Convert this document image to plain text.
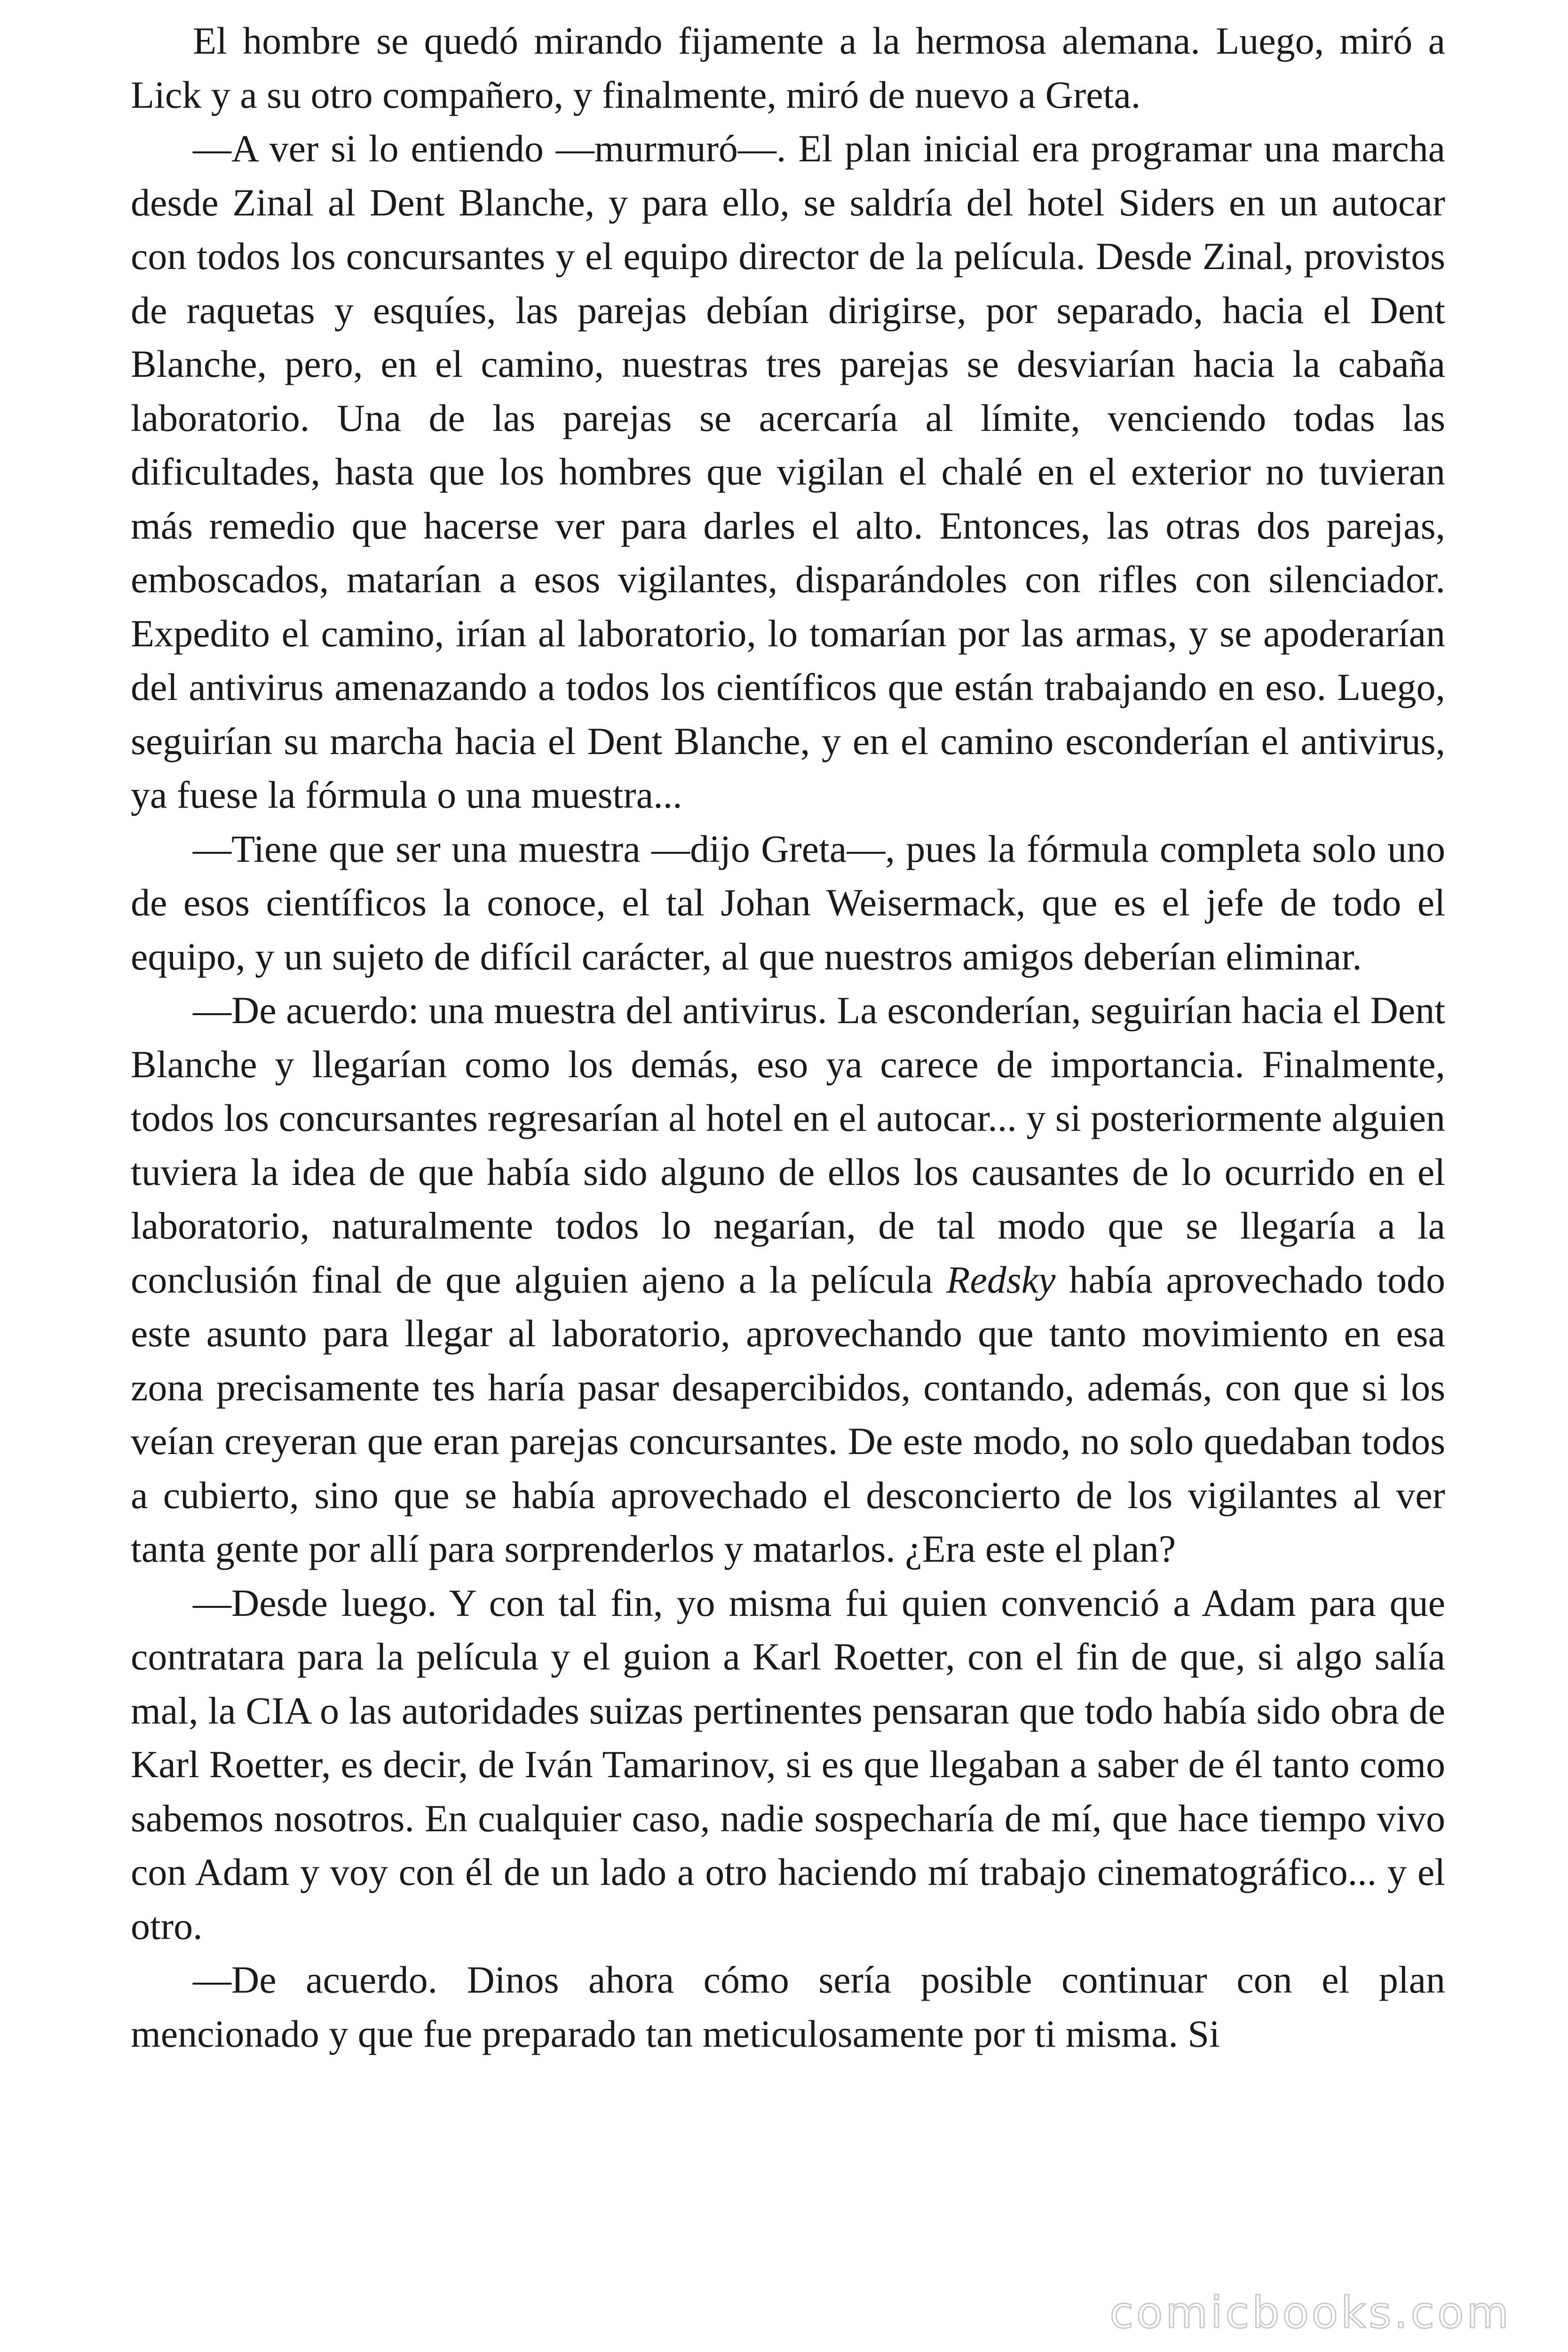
El hombre se quedó mirando fijamente a la hermosa alemana. Luego, miró a Lick y a su otro compañero, y finalmente, miró de nuevo a Greta.

—A ver si lo entiendo —murmuró—. El plan inicial era programar una marcha desde Zinal al Dent Blanche, y para ello, se saldría del hotel Siders en un autocar con todos los concursantes y el equipo director de la película. Desde Zinal, provistos de raquetas y esquíes, las parejas debían dirigirse, por separado, hacia el Dent Blanche, pero, en el camino, nuestras tres parejas se desviarían hacia la cabaña laboratorio. Una de las parejas se acercaría al límite, venciendo todas las dificultades, hasta que los hombres que vigilan el chalé en el exterior no tuvieran más remedio que hacerse ver para darles el alto. Entonces, las otras dos parejas, emboscados, matarían a esos vigilantes, disparándoles con rifles con silenciador. Expedito el camino, irían al laboratorio, lo tomarían por las armas, y se apoderarían del antivirus amenazando a todos los científicos que están trabajando en eso. Luego, seguirían su marcha hacia el Dent Blanche, y en el camino esconderían el antivirus, ya fuese la fórmula o una muestra...

—Tiene que ser una muestra —dijo Greta—, pues la fórmula completa solo uno de esos científicos la conoce, el tal Johan Weisermack, que es el jefe de todo el equipo, y un sujeto de difícil carácter, al que nuestros amigos deberían eliminar.

—De acuerdo: una muestra del antivirus. La esconderían, seguirían hacia el Dent Blanche y llegarían como los demás, eso ya carece de importancia. Finalmente, todos los concursantes regresarían al hotel en el autocar... y si posteriormente alguien tuviera la idea de que había sido alguno de ellos los causantes de lo ocurrido en el laboratorio, naturalmente todos lo negarían, de tal modo que se llegaría a la conclusión final de que alguien ajeno a la película Redsky había aprovechado todo este asunto para llegar al laboratorio, aprovechando que tanto movimiento en esa zona precisamente tes haría pasar desapercibidos, contando, además, con que si los veían creyeran que eran parejas concursantes. De este modo, no solo quedaban todos a cubierto, sino que se había aprovechado el desconcierto de los vigilantes al ver tanta gente por allí para sorprenderlos y matarlos. ¿Era este el plan?

—Desde luego. Y con tal fin, yo misma fui quien convenció a Adam para que contratara para la película y el guion a Karl Roetter, con el fin de que, si algo salía mal, la CIA o las autoridades suizas pertinentes pensaran que todo había sido obra de Karl Roetter, es decir, de Iván Tamarinov, si es que llegaban a saber de él tanto como sabemos nosotros. En cualquier caso, nadie sospecharía de mí, que hace tiempo vivo con Adam y voy con él de un lado a otro haciendo mí trabajo cinematográfico... y el otro.

—De acuerdo. Dinos ahora cómo sería posible continuar con el plan mencionado y que fue preparado tan meticulosamente por ti misma. Si

comicbooks.com
